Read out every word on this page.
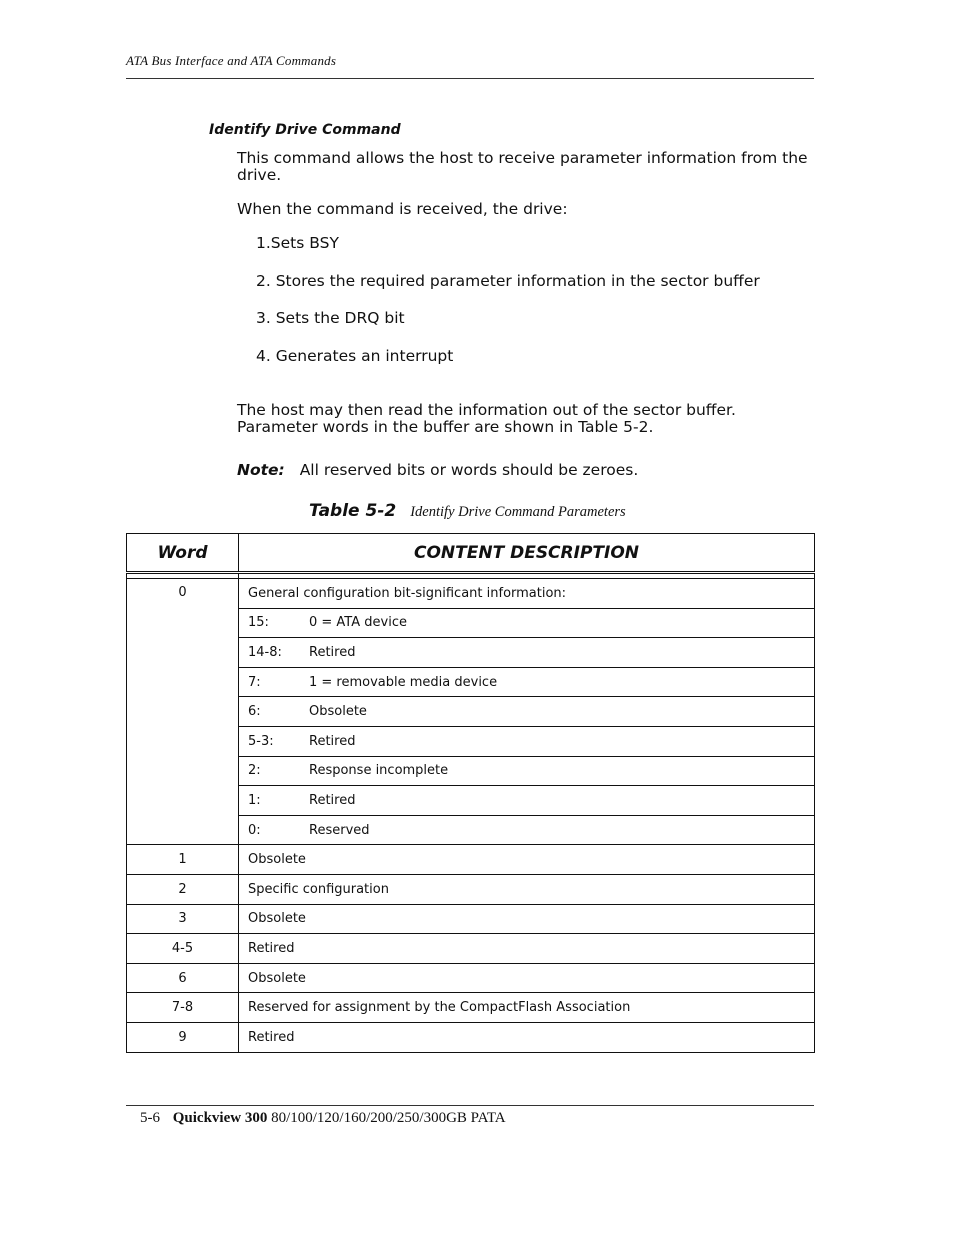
ATA Bus Interface and ATA Commands
Identify Drive Command
This command allows the host to receive parameter information from the drive.
When the command is received, the drive:
1.Sets BSY
2. Stores the required parameter information in the sector buffer
3. Sets the DRQ bit
4. Generates an interrupt
The host may then read the information out of the sector buffer. Parameter words in the buffer are shown in Table 5-2.
Note: All reserved bits or words should be zeroes.
Table 5-2 Identify Drive Command Parameters
Word	CONTENT DESCRIPTION

0	General configuration bit-significant information:
	15: 0 = ATA device
	14-8: Retired
	7: 1 = removable media device
	6: Obsolete
	5-3: Retired
	2: Response incomplete
	1: Retired
	0: Reserved
1	Obsolete
2	Specific configuration
3	Obsolete
4-5	Retired
6	Obsolete
7-8	Reserved for assignment by the CompactFlash Association
9	Retired
5-6 Quickview 300 80/100/120/160/200/250/300GB PATA
